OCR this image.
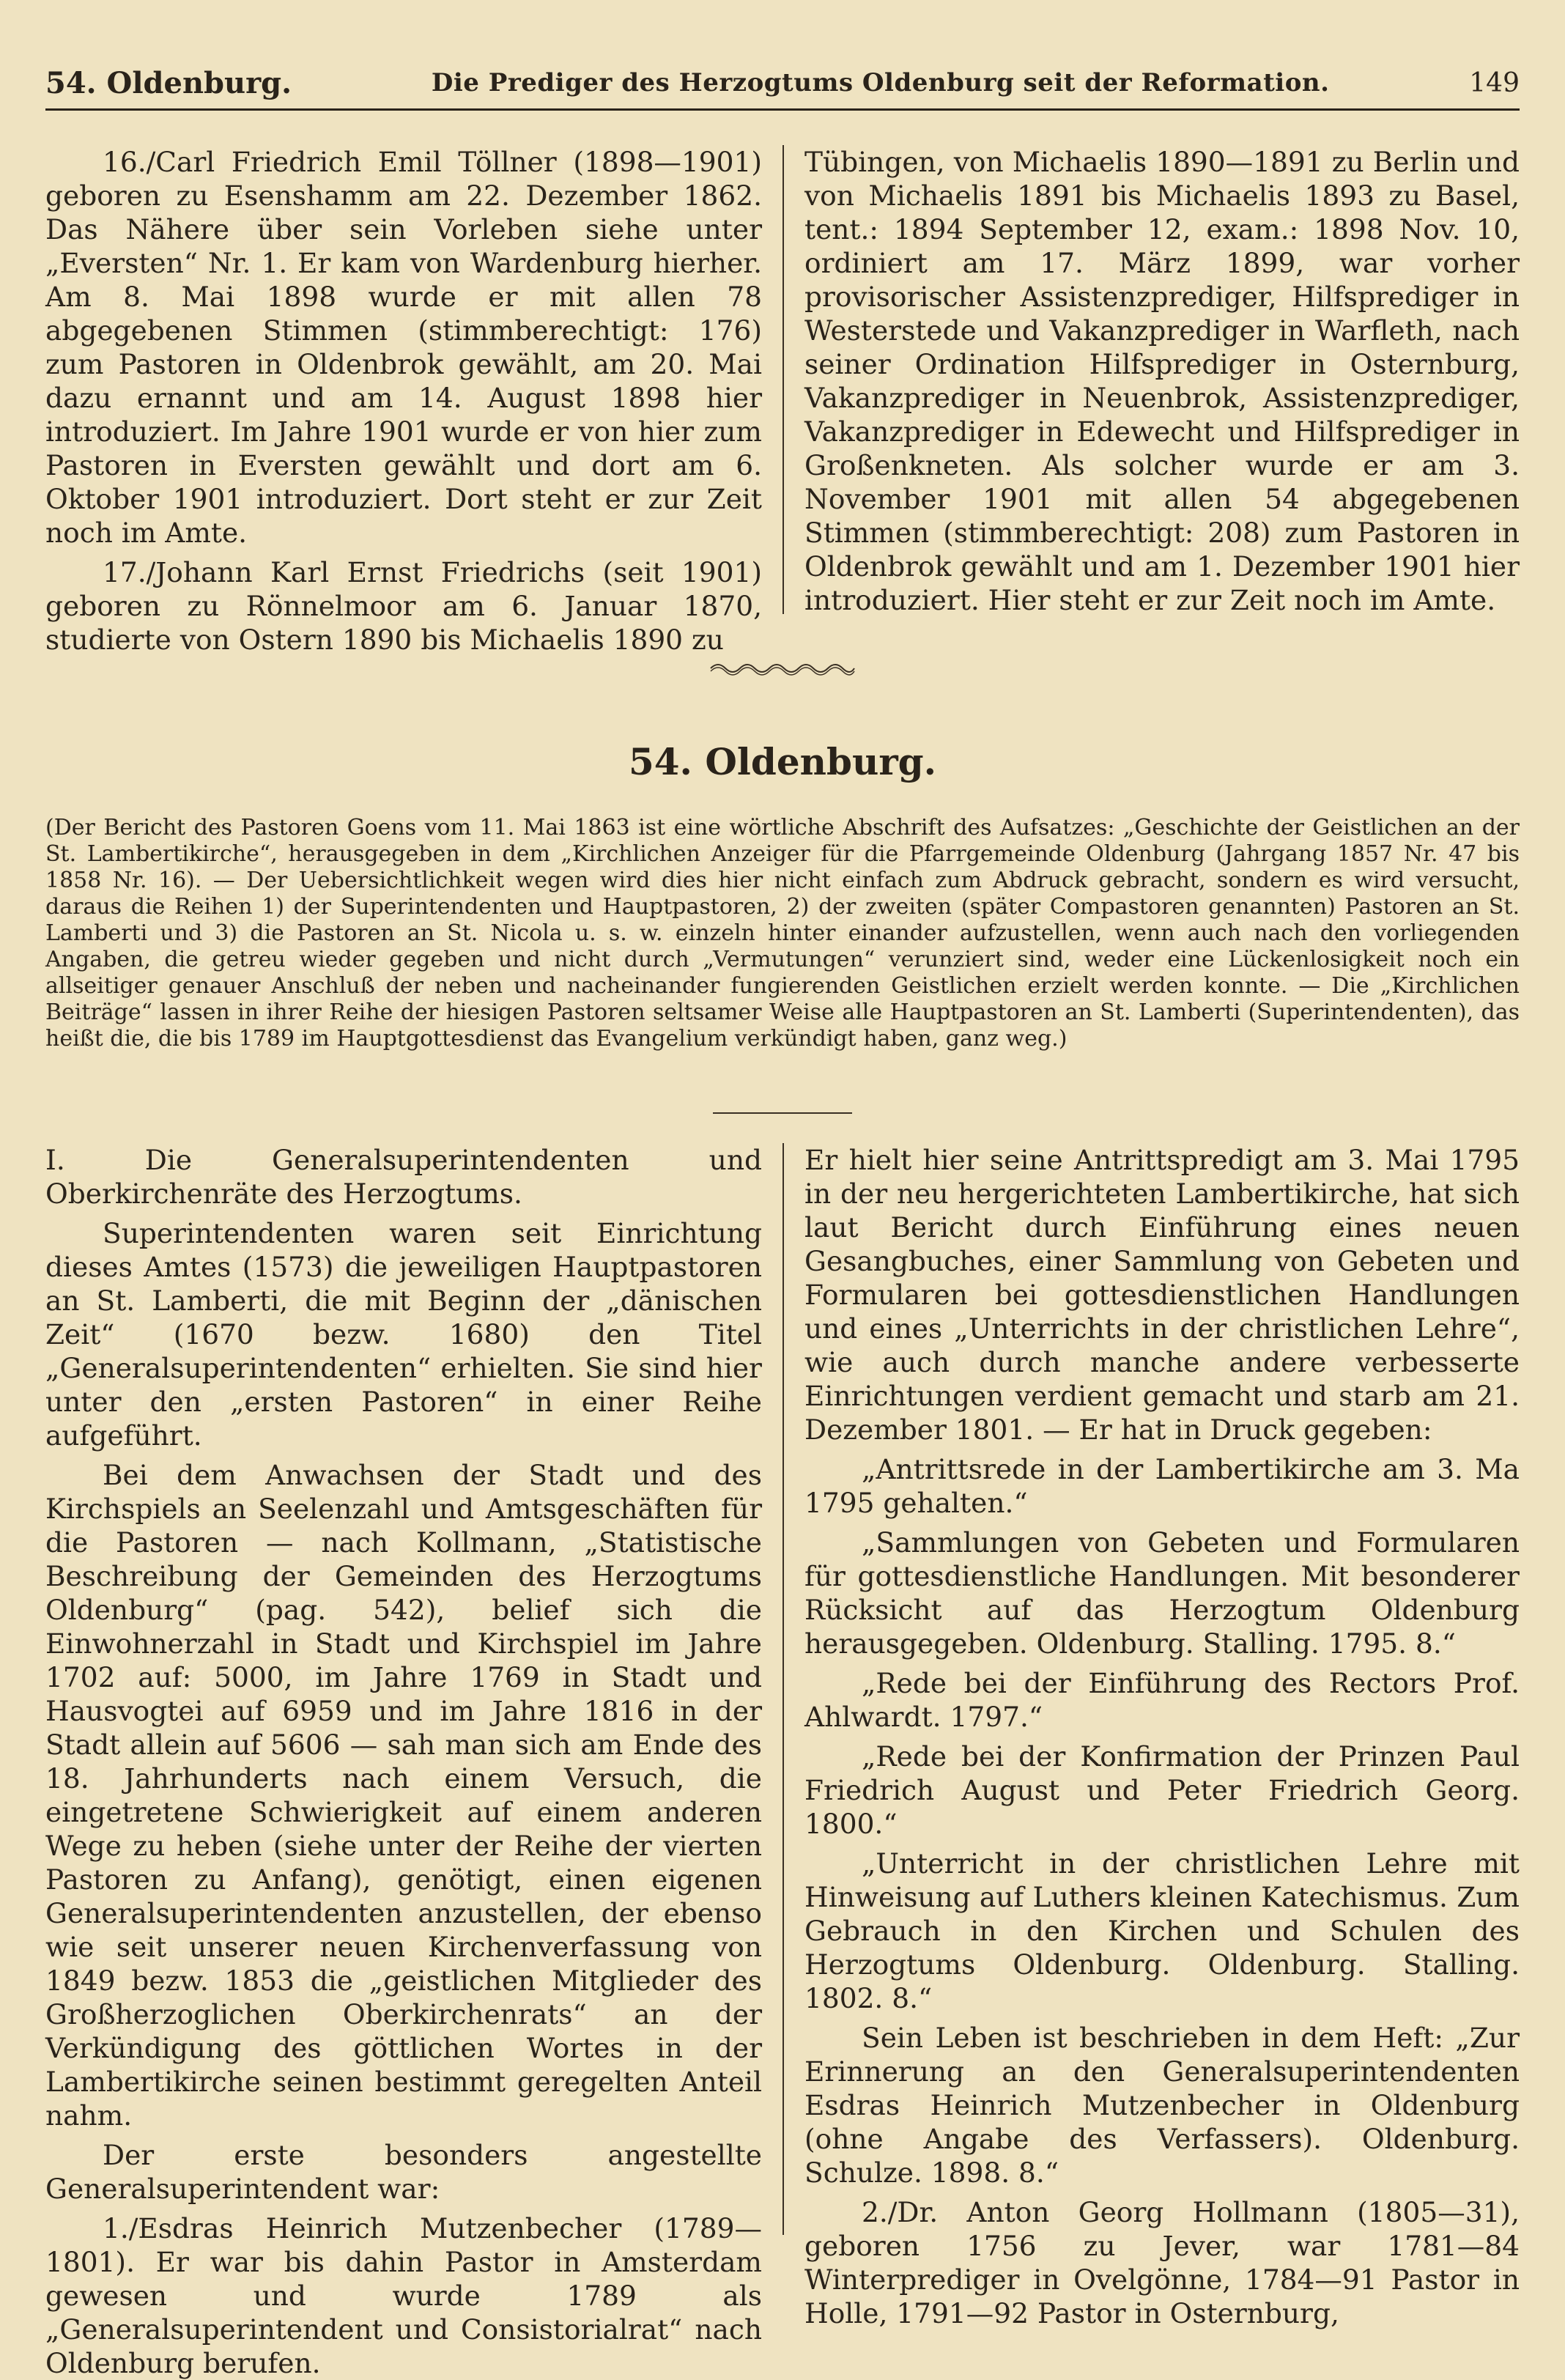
54. Oldenburg.	Die Prediger des Herzogtums Oldenburg seit der Reformation.	149

16./Carl Friedrich Emil Töllner (1898—1901) geboren zu Esenshamm am 22. Dezember 1862. Das Nähere über sein Vorleben siehe unter „Eversten“ Nr. 1. Er kam von Wardenburg hierher. Am 8. Mai 1898 wurde er mit allen 78 abgegebenen Stimmen (stimmberechtigt: 176) zum Pastoren in Oldenbrok gewählt, am 20. Mai dazu ernannt und am 14. August 1898 hier introduziert. Im Jahre 1901 wurde er von hier zum Pastoren in Eversten gewählt und dort am 6. Oktober 1901 introduziert. Dort steht er zur Zeit noch im Amte.

17./Johann Karl Ernst Friedrichs (seit 1901) geboren zu Rönnelmoor am 6. Januar 1870, studierte von Ostern 1890 bis Michaelis 1890 zu

Tübingen, von Michaelis 1890—1891 zu Berlin und von Michaelis 1891 bis Michaelis 1893 zu Basel, tent.: 1894 September 12, exam.: 1898 Nov. 10, ordiniert am 17. März 1899, war vorher provisorischer Assistenzprediger, Hilfsprediger in Westerstede und Vakanzprediger in Warfleth, nach seiner Ordination Hilfsprediger in Osternburg, Vakanzprediger in Neuenbrok, Assistenzprediger, Vakanzprediger in Edewecht und Hilfsprediger in Großenkneten. Als solcher wurde er am 3. November 1901 mit allen 54 abgegebenen Stimmen (stimmberechtigt: 208) zum Pastoren in Oldenbrok gewählt und am 1. Dezember 1901 hier introduziert. Hier steht er zur Zeit noch im Amte.

54. Oldenburg.
(Der Bericht des Pastoren Goens vom 11. Mai 1863 ist eine wörtliche Abschrift des Aufsatzes: „Geschichte der Geistlichen an der St. Lambertikirche“, herausgegeben in dem „Kirchlichen Anzeiger für die Pfarrgemeinde Oldenburg (Jahrgang 1857 Nr. 47 bis 1858 Nr. 16). — Der Uebersichtlichkeit wegen wird dies hier nicht einfach zum Abdruck gebracht, sondern es wird versucht, daraus die Reihen 1) der Superintendenten und Hauptpastoren, 2) der zweiten (später Compastoren genannten) Pastoren an St. Lamberti und 3) die Pastoren an St. Nicola u. s. w. einzeln hinter einander aufzustellen, wenn auch nach den vorliegenden Angaben, die getreu wieder gegeben und nicht durch „Vermutungen“ verunziert sind, weder eine Lückenlosigkeit noch ein allseitiger genauer Anschluß der neben und nacheinander fungierenden Geistlichen erzielt werden konnte. — Die „Kirchlichen Beiträge“ lassen in ihrer Reihe der hiesigen Pastoren seltsamer Weise alle Hauptpastoren an St. Lamberti (Superintendenten), das heißt die, die bis 1789 im Hauptgottesdienst das Evangelium verkündigt haben, ganz weg.)

I. Die Generalsuperintendenten und Oberkirchenräte des Herzogtums.

Superintendenten waren seit Einrichtung dieses Amtes (1573) die jeweiligen Hauptpastoren an St. Lamberti, die mit Beginn der „dänischen Zeit“ (1670 bezw. 1680) den Titel „Generalsuperintendenten“ erhielten. Sie sind hier unter den „ersten Pastoren“ in einer Reihe aufgeführt.

Bei dem Anwachsen der Stadt und des Kirchspiels an Seelenzahl und Amtsgeschäften für die Pastoren — nach Kollmann, „Statistische Beschreibung der Gemeinden des Herzogtums Oldenburg“ (pag. 542), belief sich die Einwohnerzahl in Stadt und Kirchspiel im Jahre 1702 auf: 5000, im Jahre 1769 in Stadt und Hausvogtei auf 6959 und im Jahre 1816 in der Stadt allein auf 5606 — sah man sich am Ende des 18. Jahrhunderts nach einem Versuch, die eingetretene Schwierigkeit auf einem anderen Wege zu heben (siehe unter der Reihe der vierten Pastoren zu Anfang), genötigt, einen eigenen Generalsuperintendenten anzustellen, der ebenso wie seit unserer neuen Kirchenverfassung von 1849 bezw. 1853 die „geistlichen Mitglieder des Großherzoglichen Oberkirchenrats“ an der Verkündigung des göttlichen Wortes in der Lambertikirche seinen bestimmt geregelten Anteil nahm.

Der erste besonders angestellte Generalsuperintendent war:

1./Esdras Heinrich Mutzenbecher (1789—1801). Er war bis dahin Pastor in Amsterdam gewesen und wurde 1789 als „Generalsuperintendent und Consistorialrat“ nach Oldenburg berufen.

Er hielt hier seine Antrittspredigt am 3. Mai 1795 in der neu hergerichteten Lambertikirche, hat sich laut Bericht durch Einführung eines neuen Gesangbuches, einer Sammlung von Gebeten und Formularen bei gottesdienstlichen Handlungen und eines „Unterrichts in der christlichen Lehre“, wie auch durch manche andere verbesserte Einrichtungen verdient gemacht und starb am 21. Dezember 1801. — Er hat in Druck gegeben:

„Antrittsrede in der Lambertikirche am 3. Ma 1795 gehalten.“

„Sammlungen von Gebeten und Formularen für gottesdienstliche Handlungen. Mit besonderer Rücksicht auf das Herzogtum Oldenburg herausgegeben. Oldenburg. Stalling. 1795. 8.“

„Rede bei der Einführung des Rectors Prof. Ahlwardt. 1797.“

„Rede bei der Konfirmation der Prinzen Paul Friedrich August und Peter Friedrich Georg. 1800.“

„Unterricht in der christlichen Lehre mit Hinweisung auf Luthers kleinen Katechismus. Zum Gebrauch in den Kirchen und Schulen des Herzogtums Oldenburg. Oldenburg. Stalling. 1802. 8.“

Sein Leben ist beschrieben in dem Heft: „Zur Erinnerung an den Generalsuperintendenten Esdras Heinrich Mutzenbecher in Oldenburg (ohne Angabe des Verfassers). Oldenburg. Schulze. 1898. 8.“

2./Dr. Anton Georg Hollmann (1805—31), geboren 1756 zu Jever, war 1781—84 Winterprediger in Ovelgönne, 1784—91 Pastor in Holle, 1791—92 Pastor in Osternburg,
